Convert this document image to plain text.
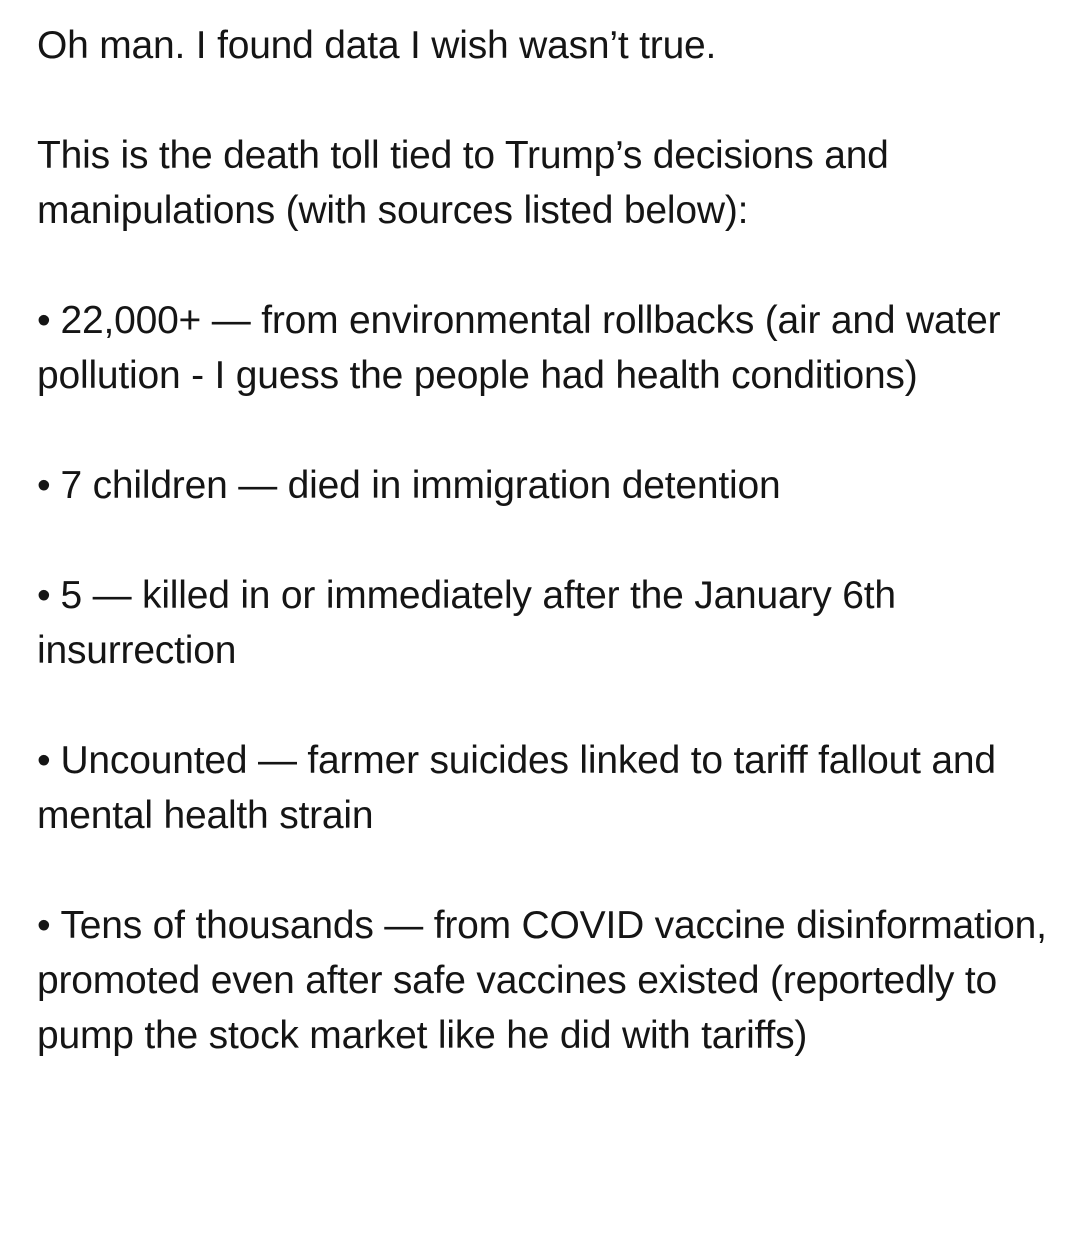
Oh man. I found data I wish wasn’t true.

This is the death toll tied to Trump’s decisions and manipulations (with sources listed below):

• 22,000+ — from environmental rollbacks (air and water pollution - I guess the people had health conditions)
• 7 children — died in immigration detention
• 5 — killed in or immediately after the January 6th insurrection
• Uncounted — farmer suicides linked to tariff fallout and mental health strain
• Tens of thousands — from COVID vaccine disinformation, promoted even after safe vaccines existed (reportedly to pump the stock market like he did with tariffs)
